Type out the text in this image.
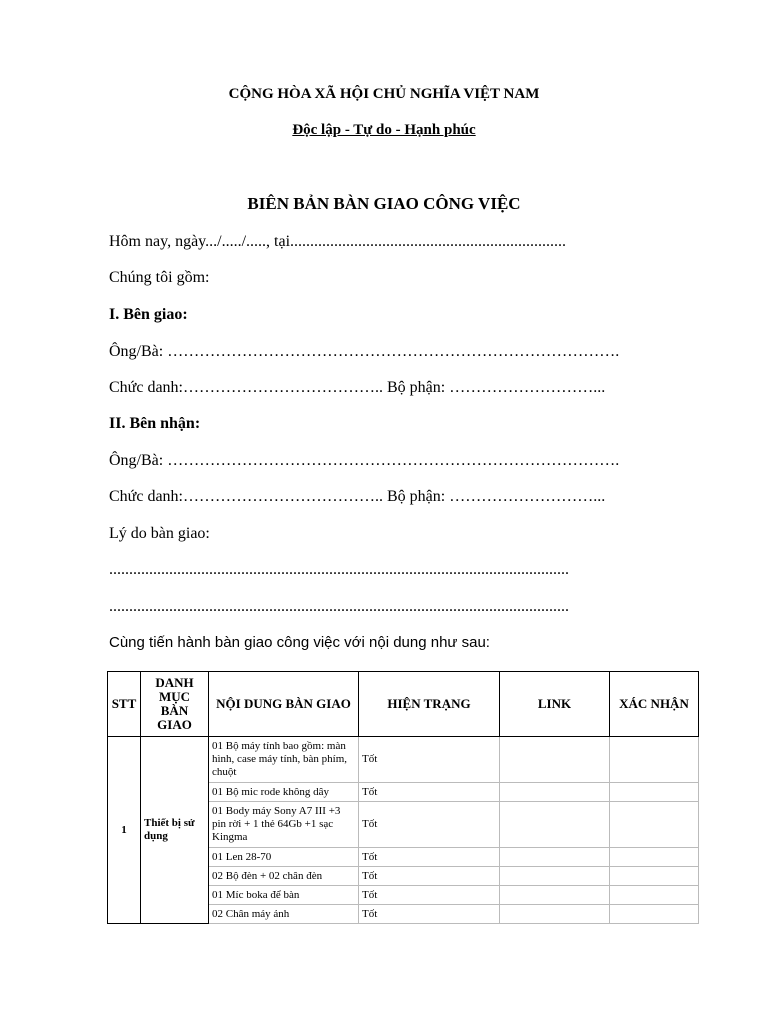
CỘNG HÒA XÃ HỘI CHỦ NGHĨA VIỆT NAM
Độc lập - Tự do - Hạnh phúc
BIÊN BẢN BÀN GIAO CÔNG VIỆC
Hôm nay, ngày.../...../....., tại.....................................................................
Chúng tôi gồm:
I. Bên giao:
Ông/Bà: ………………………………………………………………………….
Chức danh:……………………………….. Bộ phận: ………………………...
II. Bên nhận:
Ông/Bà: ………………………………………………………………………….
Chức danh:……………………………….. Bộ phận: ………………………...
Lý do bàn giao:
...................................................................................................................
...................................................................................................................
Cùng tiến hành bàn giao công việc với nội dung như sau:
STT	DANH MỤC BÀN GIAO	NỘI DUNG BÀN GIAO	HIỆN TRẠNG	LINK	XÁC NHẬN
1	Thiết bị sử dụng	01 Bộ máy tính bao gồm: màn hình, case máy tính, bàn phím, chuột	Tốt		
		01 Bộ mic rode không dây	Tốt		
		01 Body máy Sony A7 III +3 pin rời + 1 thẻ 64Gb +1 sạc Kingma	Tốt		
		01 Len 28-70	Tốt		
		02 Bộ đèn + 02 chân đèn	Tốt		
		01 Míc boka để bàn	Tốt		
		02 Chân máy ảnh	Tốt		
